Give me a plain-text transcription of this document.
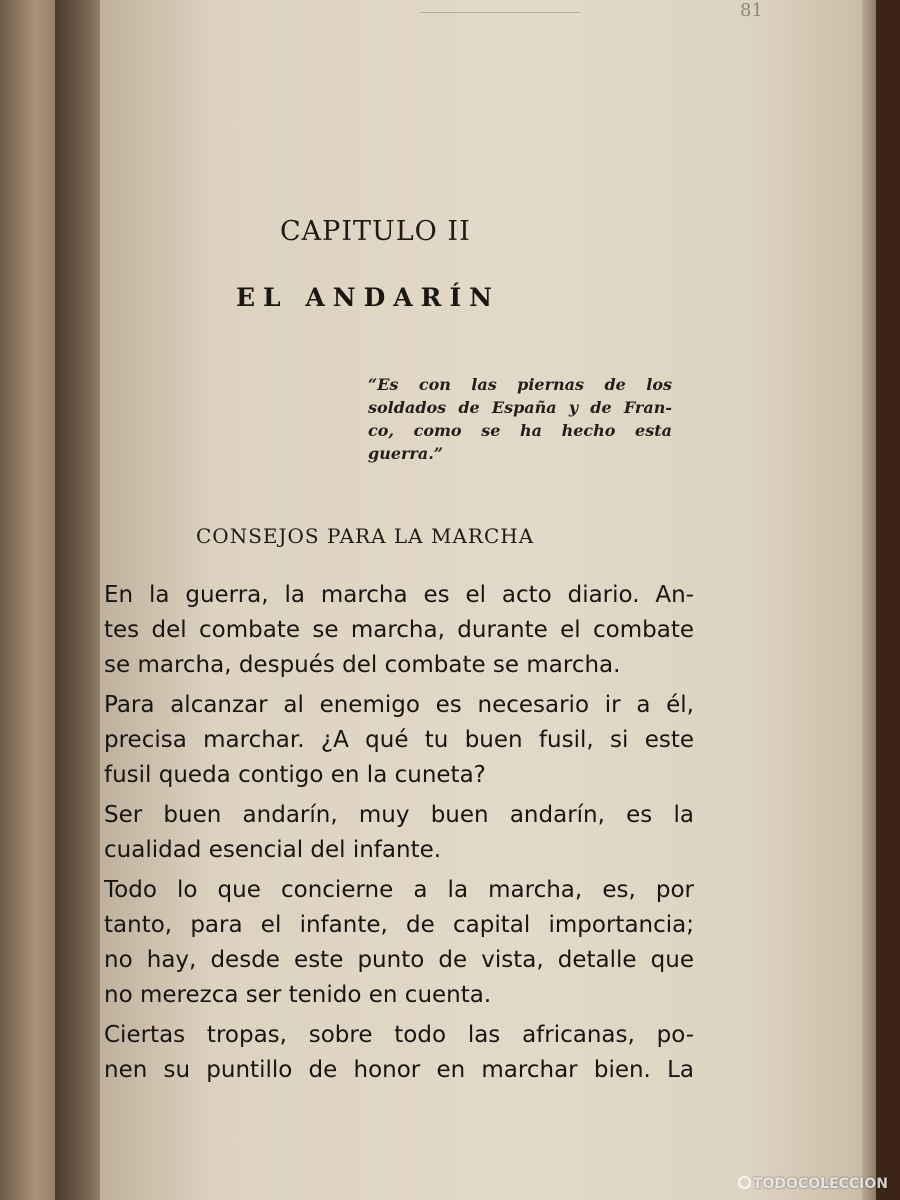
81
CAPITULO II
EL ANDARÍN
“Es con las piernas de los
soldados de España y de Fran-
co, como se ha hecho esta
guerra.”
CONSEJOS PARA LA MARCHA
En la guerra, la marcha es el acto diario. An-
tes del combate se marcha, durante el combate
se marcha, después del combate se marcha.
Para alcanzar al enemigo es necesario ir a él,
precisa marchar. ¿A qué tu buen fusil, si este
fusil queda contigo en la cuneta?
Ser buen andarín, muy buen andarín, es la
cualidad esencial del infante.
Todo lo que concierne a la marcha, es, por
tanto, para el infante, de capital importancia;
no hay, desde este punto de vista, detalle que
no merezca ser tenido en cuenta.
Ciertas tropas, sobre todo las africanas, po-
nen su puntillo de honor en marchar bien. La
TODOCOLECCION
